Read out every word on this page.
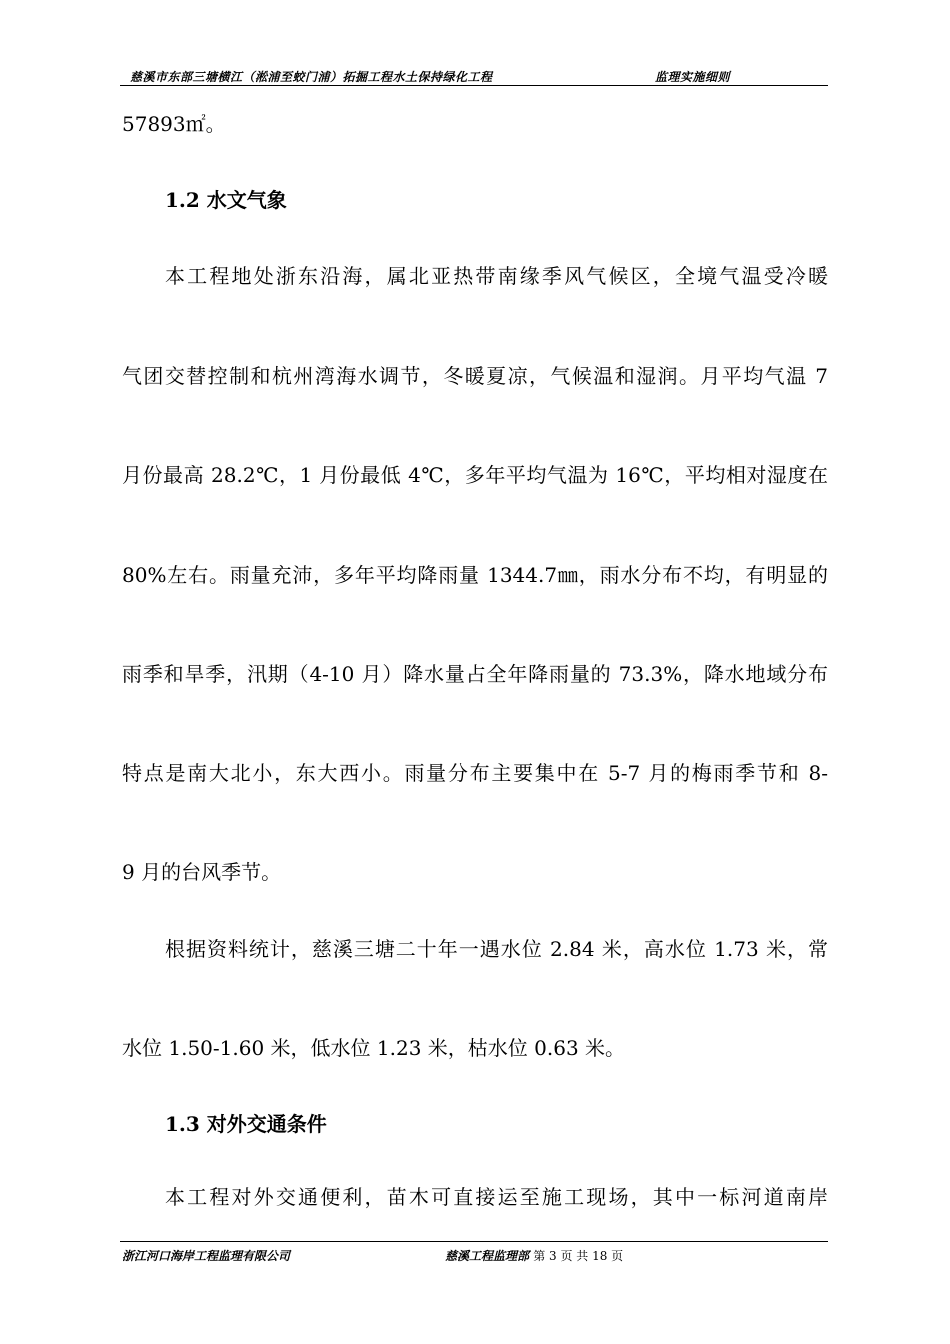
慈溪市东部三塘横江（淞浦至蛟门浦）拓掘工程水土保持绿化工程	监理实施细则
57893㎡。
1.2 水文气象
本工程地处浙东沿海，属北亚热带南缘季风气候区，全境气温受冷暖
气团交替控制和杭州湾海水调节，冬暖夏凉，气候温和湿润。月平均气温 7
月份最高 28.2℃，1 月份最低 4℃，多年平均气温为 16℃，平均相对湿度在
80%左右。雨量充沛，多年平均降雨量 1344.7㎜，雨水分布不均，有明显的
雨季和旱季，汛期（4-10 月）降水量占全年降雨量的 73.3%，降水地域分布
特点是南大北小，东大西小。雨量分布主要集中在 5-7 月的梅雨季节和 8-
9 月的台风季节。
根据资料统计，慈溪三塘二十年一遇水位 2.84 米，高水位 1.73 米，常
水位 1.50-1.60 米，低水位 1.23 米，枯水位 0.63 米。
1.3 对外交通条件
本工程对外交通便利，苗木可直接运至施工现场，其中一标河道南岸
浙江河口海岸工程监理有限公司	慈溪工程监理部 第 3 页 共 18 页
